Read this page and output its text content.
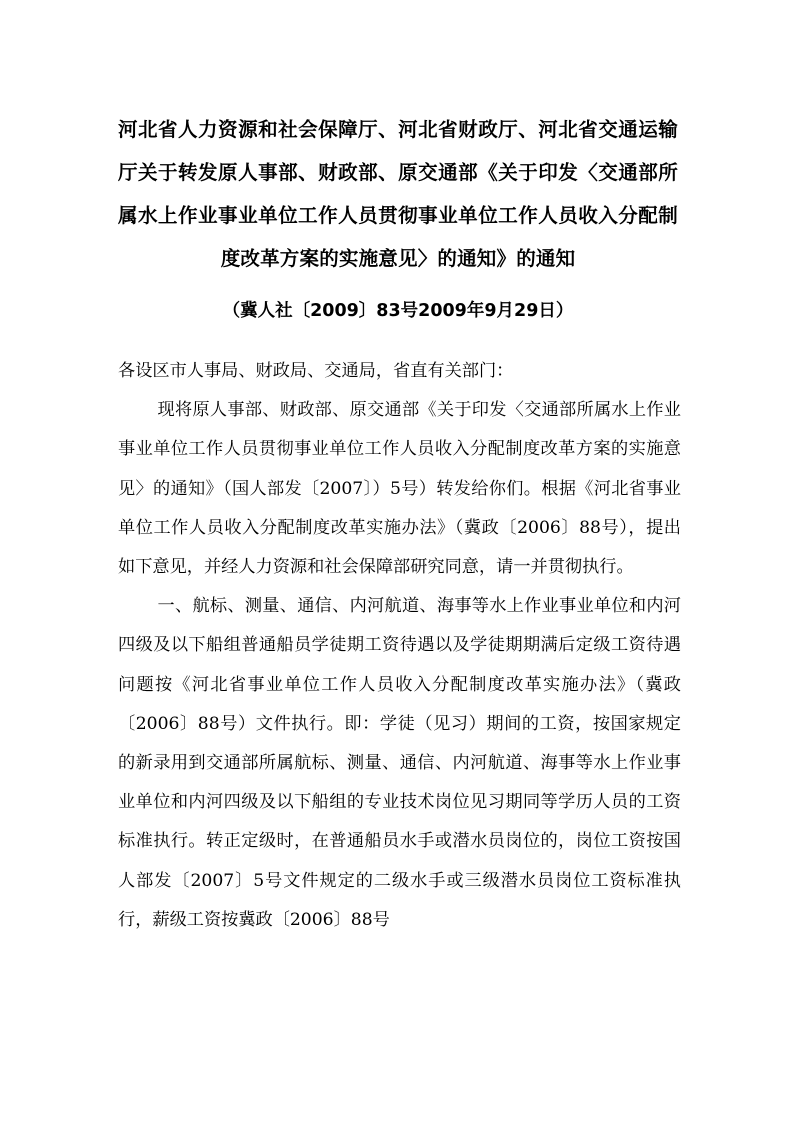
河北省人力资源和社会保障厅、河北省财政厅、河北省交通运输厅关于转发原人事部、财政部、原交通部《关于印发〈交通部所属水上作业事业单位工作人员贯彻事业单位工作人员收入分配制度改革方案的实施意见〉的通知》的通知
（冀人社〔2009〕83号2009年9月29日）

各设区市人事局、财政局、交通局，省直有关部门：

现将原人事部、财政部、原交通部《关于印发〈交通部所属水上作业事业单位工作人员贯彻事业单位工作人员收入分配制度改革方案的实施意见〉的通知》（国人部发〔2007〕）5号）转发给你们。根据《河北省事业单位工作人员收入分配制度改革实施办法》（冀政〔2006〕88号），提出如下意见，并经人力资源和社会保障部研究同意，请一并贯彻执行。

一、航标、测量、通信、内河航道、海事等水上作业事业单位和内河四级及以下船组普通船员学徒期工资待遇以及学徒期期满后定级工资待遇问题按《河北省事业单位工作人员收入分配制度改革实施办法》（冀政〔2006〕88号）文件执行。即：学徒（见习）期间的工资，按国家规定的新录用到交通部所属航标、测量、通信、内河航道、海事等水上作业事业单位和内河四级及以下船组的专业技术岗位见习期同等学历人员的工资标准执行。转正定级时，在普通船员水手或潜水员岗位的，岗位工资按国人部发〔2007〕5号文件规定的二级水手或三级潜水员岗位工资标准执行，薪级工资按冀政〔2006〕88号
